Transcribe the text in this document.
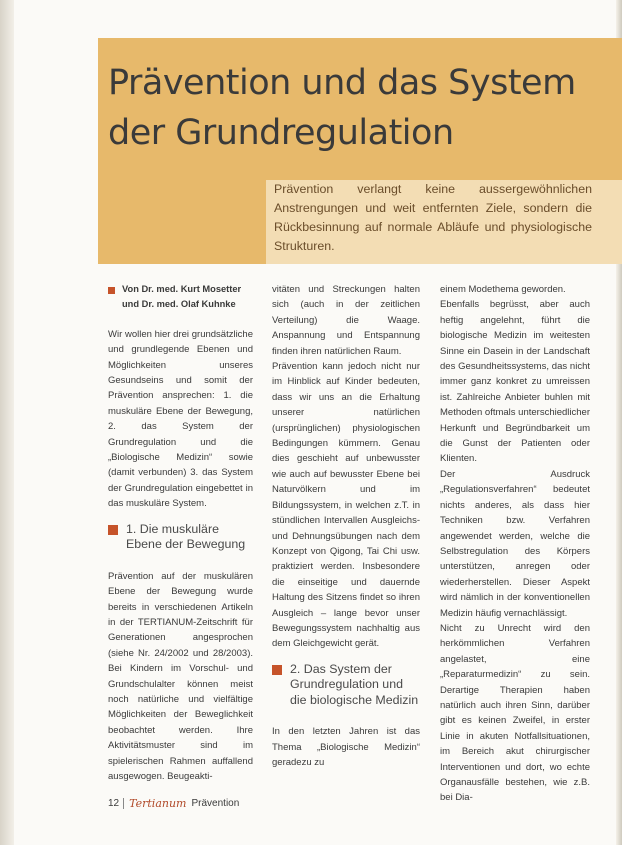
Prävention und das System
der Grundregulation
Prävention verlangt keine aussergewöhnlichen Anstrengungen und weit entfernten Ziele, sondern die Rückbesinnung auf normale Abläufe und physiologische Strukturen.

Von Dr. med. Kurt Mosetter
und Dr. med. Olaf Kuhnke

Wir wollen hier drei grundsätzliche und grundlegende Ebenen und Möglichkeiten unseres Gesundseins und somit der Prävention ansprechen: 1. die muskuläre Ebene der Bewegung, 2. das System der Grundregulation und die „Biologische Medizin“ sowie (damit verbunden) 3. das System der Grundregulation eingebettet in das muskuläre System.

1. Die muskuläre Ebene der Bewegung

Prävention auf der muskulären Ebene der Bewegung wurde bereits in verschiedenen Artikeln in der TERTIANUM-Zeitschrift für Generationen angesprochen (siehe Nr. 24/2002 und 28/2003). Bei Kindern im Vorschul- und Grundschulalter können meist noch natürliche und vielfältige Möglichkeiten der Beweglichkeit beobachtet werden. Ihre Aktivitätsmuster sind im spielerischen Rahmen auffallend ausgewogen. Beugeakti-

vitäten und Streckungen halten sich (auch in der zeitlichen Verteilung) die Waage. Anspannung und Entspannung finden ihren natürlichen Raum.

Prävention kann jedoch nicht nur im Hinblick auf Kinder bedeuten, dass wir uns an die Erhaltung unserer natürlichen (ursprünglichen) physiologischen Bedingungen kümmern. Genau dies geschieht auf unbewusster wie auch auf bewusster Ebene bei Naturvölkern und im Bildungssystem, in welchen z.T. in stündlichen Intervallen Ausgleichs- und Dehnungsübungen nach dem Konzept von Qigong, Tai Chi usw. praktiziert werden. Insbesondere die einseitige und dauernde Haltung des Sitzens findet so ihren Ausgleich – lange bevor unser Bewegungssystem nachhaltig aus dem Gleichgewicht gerät.

2. Das System der Grundregulation und die biologische Medizin

In den letzten Jahren ist das Thema „Biologische Medizin“ geradezu zu

einem Modethema geworden.

Ebenfalls begrüsst, aber auch heftig angelehnt, führt die biologische Medizin im weitesten Sinne ein Dasein in der Landschaft des Gesundheitssystems, das nicht immer ganz konkret zu umreissen ist. Zahlreiche Anbieter buhlen mit Methoden oftmals unterschiedlicher Herkunft und Begründbarkeit um die Gunst der Patienten oder Klienten.

Der Ausdruck „Regulationsverfahren“ bedeutet nichts anderes, als dass hier Techniken bzw. Verfahren angewendet werden, welche die Selbstregulation des Körpers unterstützen, anregen oder wiederherstellen. Dieser Aspekt wird nämlich in der konventionellen Medizin häufig vernachlässigt.

Nicht zu Unrecht wird den herkömmlichen Verfahren angelastet, eine „Reparaturmedizin“ zu sein. Derartige Therapien haben natürlich auch ihren Sinn, darüber gibt es keinen Zweifel, in erster Linie in akuten Notfallsituationen, im Bereich akut chirurgischer Interventionen und dort, wo echte Organausfälle bestehen, wie z.B. bei Dia-

12 Tertianum Prävention
